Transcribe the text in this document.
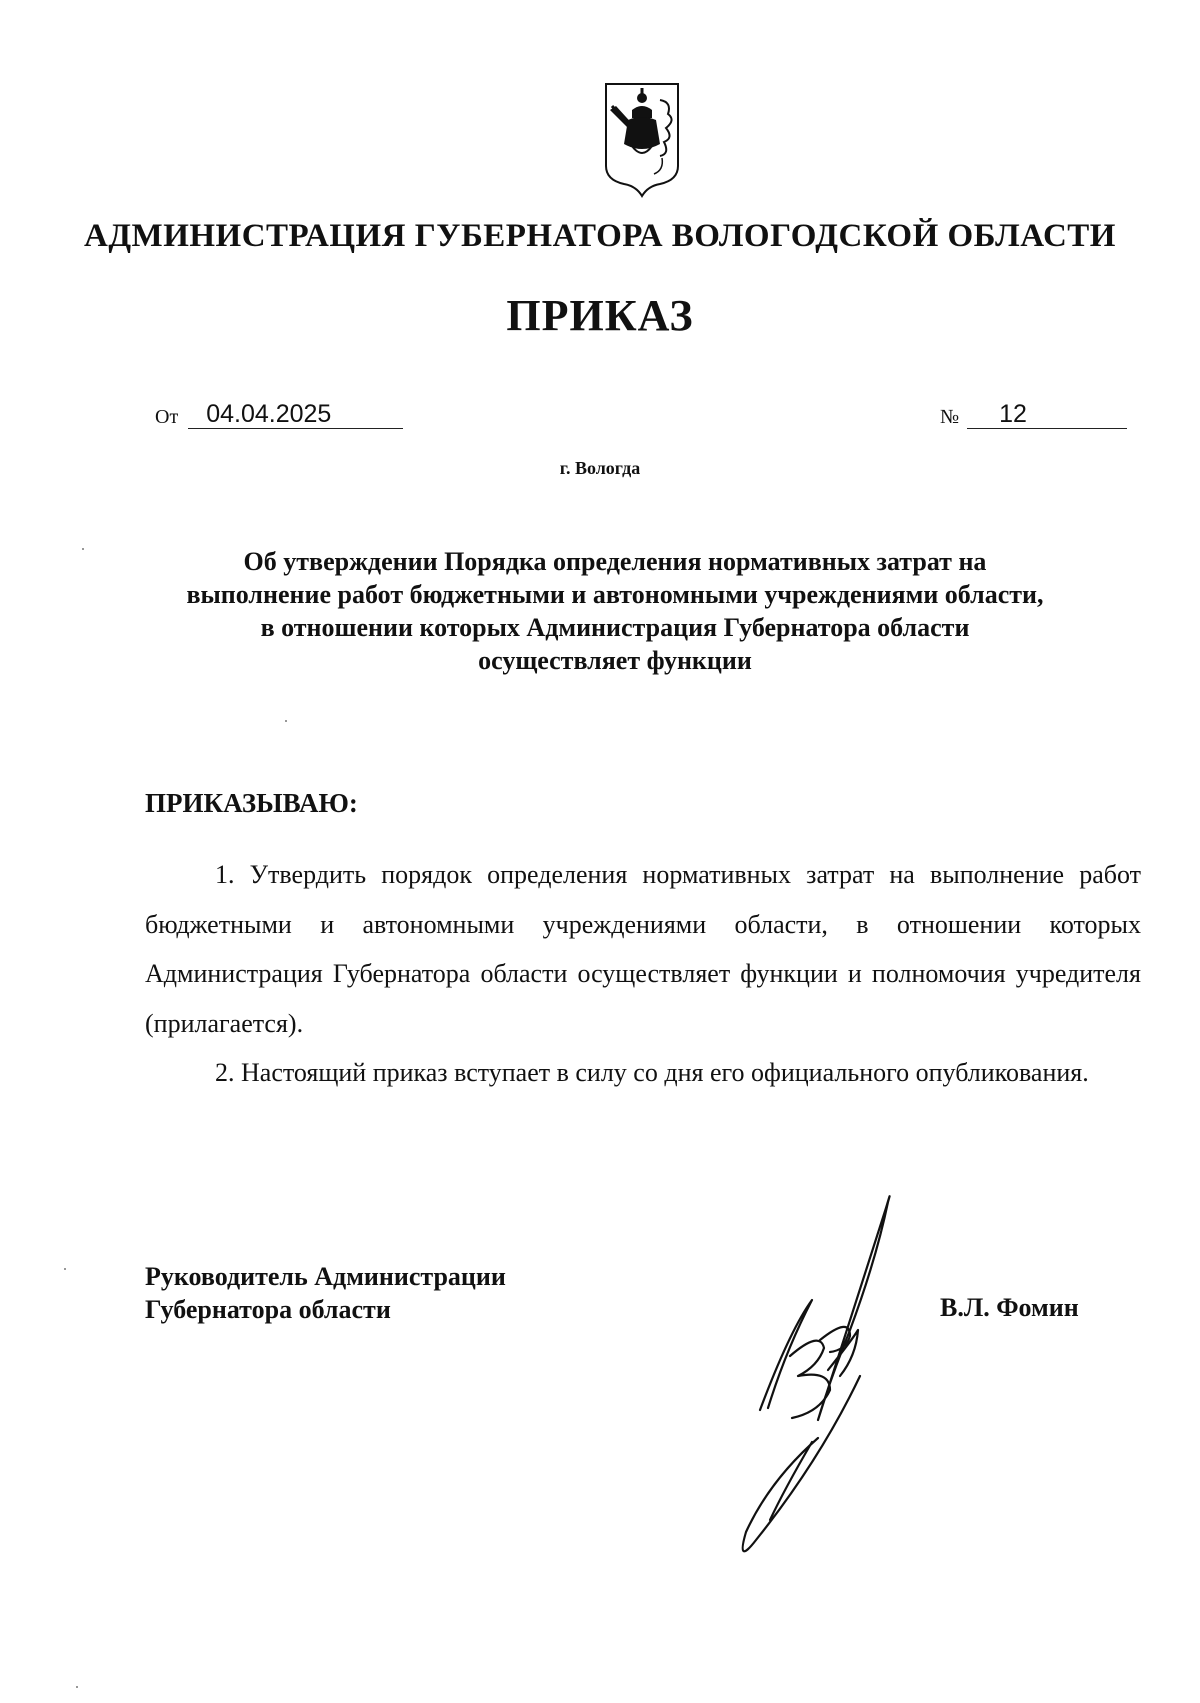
АДМИНИСТРАЦИЯ ГУБЕРНАТОРА ВОЛОГОДСКОЙ ОБЛАСТИ
ПРИКАЗ
От 04.04.2025	№ 12
г. Вологда
Об утверждении Порядка определения нормативных затрат на
выполнение работ бюджетными и автономными учреждениями области,
в отношении которых Администрация Губернатора области
осуществляет функции
ПРИКАЗЫВАЮ:

1. Утвердить порядок определения нормативных затрат на выполнение работ бюджетными и автономными учреждениями области, в отношении которых Администрация Губернатора области осуществляет функции и полномочия учредителя (прилагается).

2. Настоящий приказ вступает в силу со дня его официального опубликования.

Руководитель Администрации
Губернатора области	В.Л. Фомин
